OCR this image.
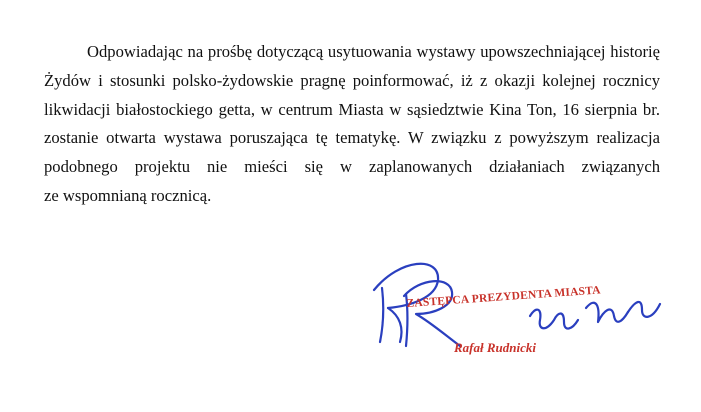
Odpowiadając na prośbę dotyczącą usytuowania wystawy upowszechniającej historię
Żydów i stosunki polsko-żydowskie pragnę poinformować, iż z okazji kolejnej rocznicy
likwidacji białostockiego getta, w centrum Miasta w sąsiedztwie Kina Ton, 16 sierpnia br.
zostanie otwarta wystawa poruszająca tę tematykę. W związku z powyższym realizacja
podobnego projektu nie mieści się w zaplanowanych działaniach związanych
ze wspomnianą rocznicą.
ZASTĘPCA PREZYDENTA MIASTA
Rafał Rudnicki
